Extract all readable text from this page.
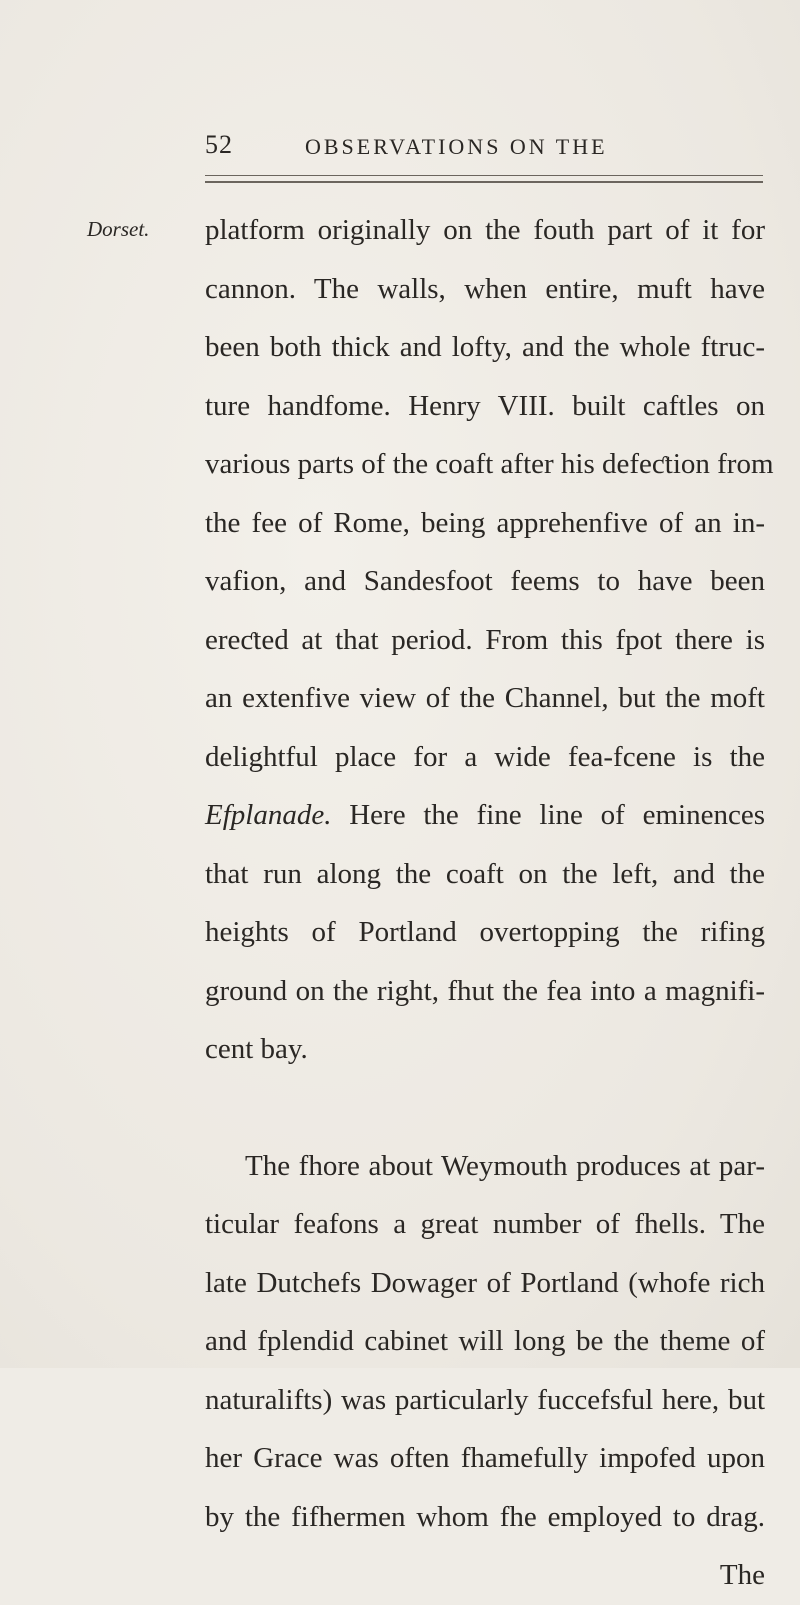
52	OBSERVATIONS ON THE
Dorset. platform originally on the fouth part of it for
cannon. The walls, when entire, muft have
been both thick and lofty, and the whole ftruc-
ture handfome. Henry VIII. built caftles on
various parts of the coaft after his defeƈtion from
the fee of Rome, being apprehenfive of an in-
vafion, and Sandesfoot feems to have been
ereƈted at that period. From this fpot there is
an extenfive view of the Channel, but the moft
delightful place for a wide fea-fcene is the
Efplanade. Here the fine line of eminences
that run along the coaft on the left, and the
heights of Portland overtopping the rifing
ground on the right, fhut the fea into a magnifi-
cent bay.
The fhore about Weymouth produces at par-
ticular feafons a great number of fhells. The
late Dutchefs Dowager of Portland (whofe rich
and fplendid cabinet will long be the theme of
naturalifts) was particularly fuccefsful here, but
her Grace was often fhamefully impofed upon
by the fifhermen whom fhe employed to drag.
The
